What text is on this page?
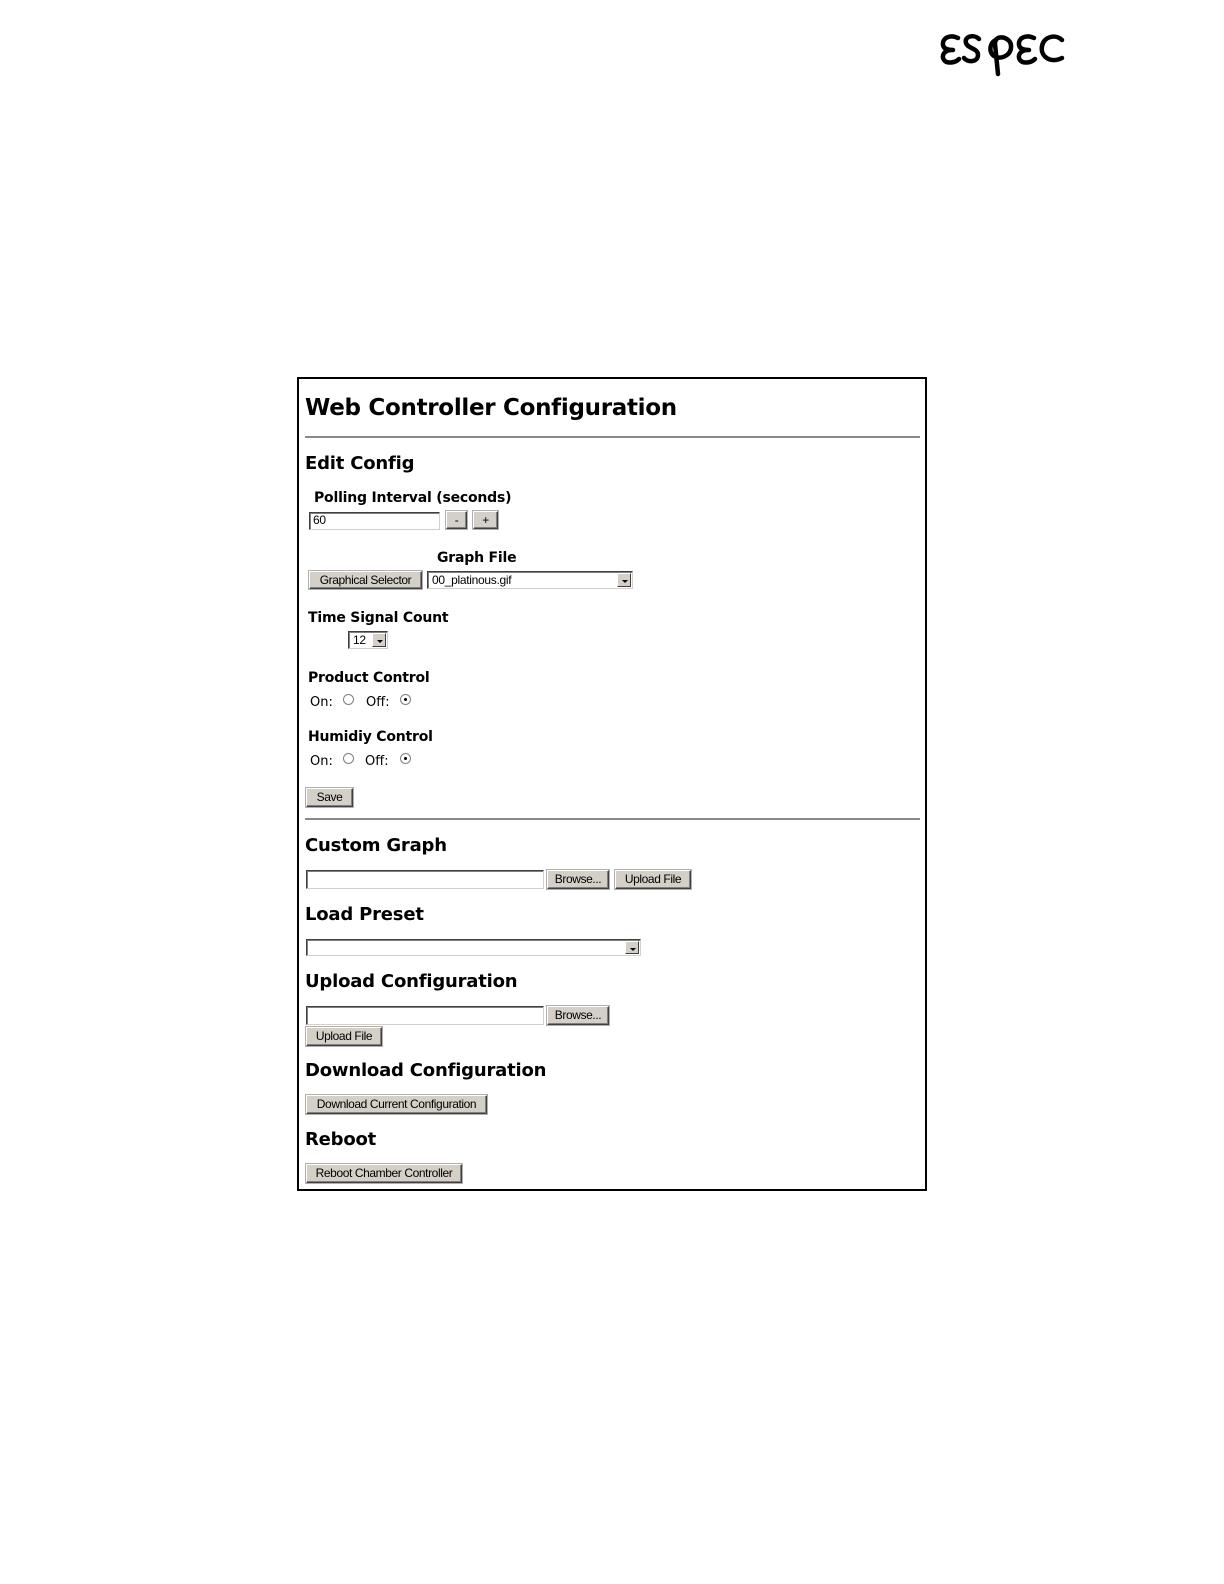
Web Controller Configuration
Edit Config
Polling Interval (seconds)
60	-	+
Graph File
Graphical Selector	00_platinous.gif
Time Signal Count
12
Product Control
On:	Off:
Humidiy Control
On: Off:
Save
Custom Graph
Browse...	Upload File
Load Preset
Upload Configuration
Browse...
Upload File
Download Configuration
Download Current Configuration
Reboot
Reboot Chamber Controller
